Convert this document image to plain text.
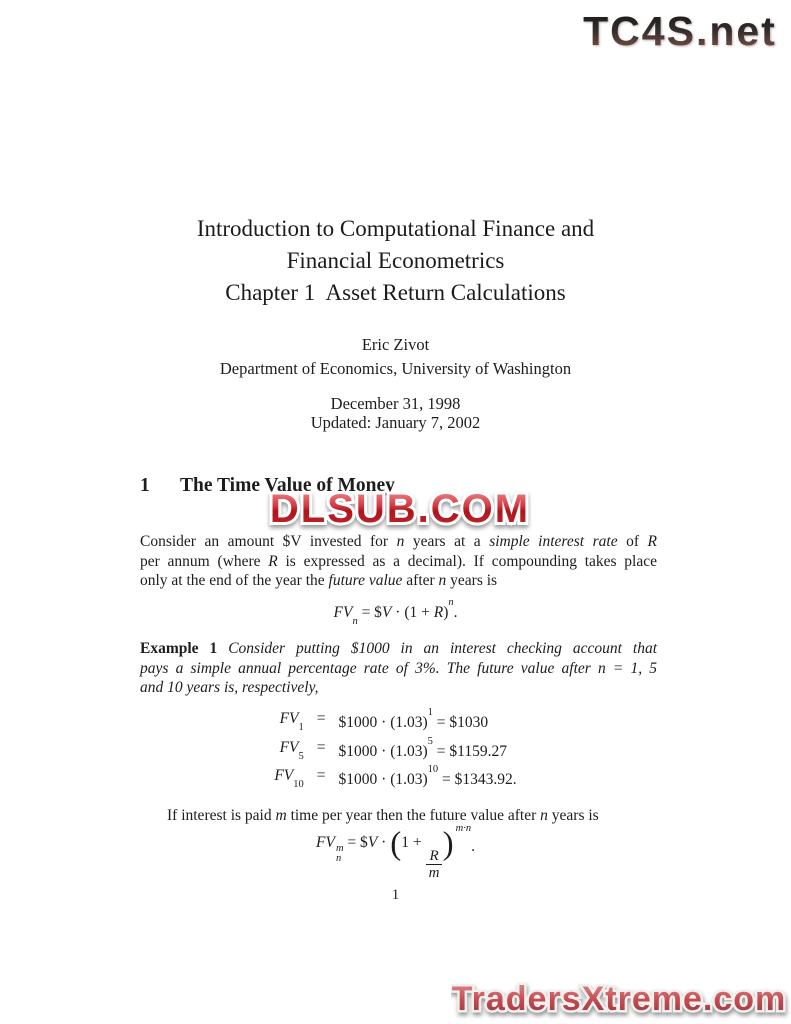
TC4S.net
Introduction to Computational Finance and
Financial Econometrics
Chapter 1  Asset Return Calculations
Eric Zivot
Department of Economics, University of Washington
December 31, 1998
Updated: January 7, 2002
1	The Time Value of Money
DLSUB.COM
Consider an amount $V invested for n years at a simple interest rate of R
per annum (where R is expressed as a decimal). If compounding takes place
only at the end of the year the future value after n years is
$FV_n$ = $V · $(1 + R)^n$.
Example 1 Consider putting $1000 in an interest checking account that
pays a simple annual percentage rate of 3%. The future value after n = 1, 5
and 10 years is, respectively,
$FV_1$
= $1000 · $(1.03)^1$ = $1030
$FV_5$
= $1000 · $(1.03)^5$ = $1159.27
$FV_{10}$
= $1000 · $(1.03)^{10}$ = $1343.92.
If interest is paid m time per year then the future value after n years is
FV m
n
= $V · (1 +
$\frac{R}{m}$
) $^{m\cdot n}$.
1
TradersXtreme.com
